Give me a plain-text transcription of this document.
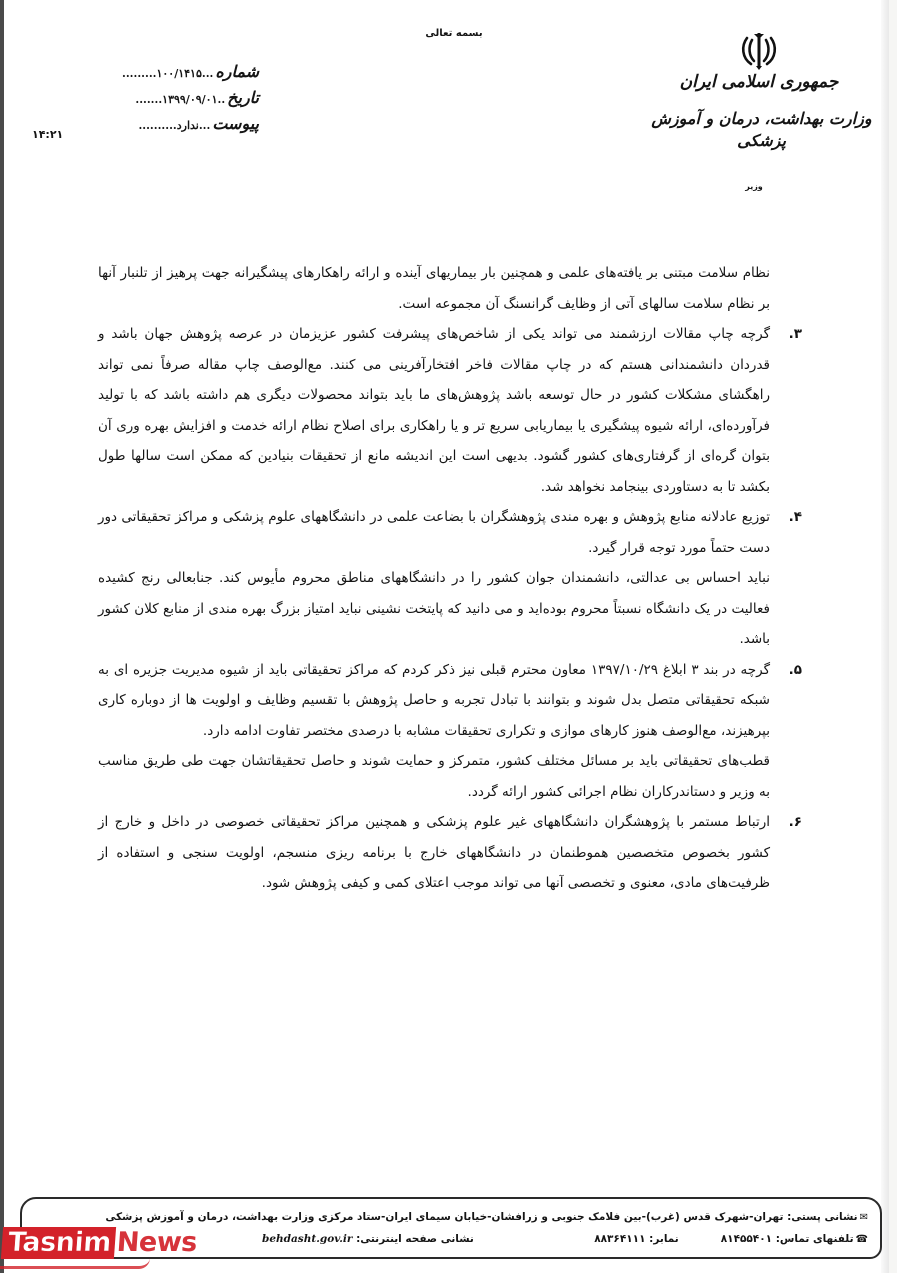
بسمه تعالی
جمهوری اسلامی ایران
وزارت بهداشت، درمان و آموزش پزشکی
وزیر
شماره
...۱۰۰/۱۴۱۵.........
تاریخ
..۱۳۹۹/۰۹/۰۱.......
پیوست
...ندارد..........
۱۴:۲۱

نظام سلامت مبتنی بر یافته‌های علمی و همچنین بار بیماریهای آینده و ارائه راهکارهای پیشگیرانه جهت پرهیز از تلنبار آنها بر نظام سلامت سالهای آتی از وظایف گرانسنگ آن مجموعه است.

۳.

گرچه چاپ مقالات ارزشمند می تواند یکی از شاخص‌های پیشرفت کشور عزیزمان در عرصه پژوهش جهان باشد و قدردان دانشمندانی هستم که در چاپ مقالات فاخر افتخارآفرینی می کنند. مع‌الوصف چاپ مقاله صرفاً نمی تواند راهگشای مشکلات کشور در حال توسعه باشد پژوهش‌های ما باید بتواند محصولات دیگری هم داشته باشد که با تولید فرآورده‌ای، ارائه شیوه پیشگیری یا بیماریابی سریع تر و یا راهکاری برای اصلاح نظام ارائه خدمت و افزایش بهره وری آن بتوان گره‌ای از گرفتاری‌های کشور گشود. بدیهی است این اندیشه مانع از تحقیقات بنیادین که ممکن است سالها طول بکشد تا به دستاوردی بینجامد نخواهد شد.

۴.

توزیع عادلانه منابع پژوهش و بهره مندی پژوهشگران با بضاعت علمی در دانشگاههای علوم پزشکی و مراکز تحقیقاتی دور دست حتماً مورد توجه قرار گیرد.

نباید احساس بی عدالتی، دانشمندان جوان کشور را در دانشگاههای مناطق محروم مأیوس کند. جنابعالی رنج کشیده فعالیت در یک دانشگاه نسبتاً محروم بوده‌اید و می دانید که پایتخت نشینی نباید امتیاز بزرگ بهره مندی از منابع کلان کشور باشد.

۵.

گرچه در بند ۳ ابلاغ ۱۳۹۷/۱۰/۲۹ معاون محترم قبلی نیز ذکر کردم که مراکز تحقیقاتی باید از شیوه مدیریت جزیره ای به شبکه تحقیقاتی متصل بدل شوند و بتوانند با تبادل تجربه و حاصل پژوهش با تقسیم وظایف و اولویت ها از دوباره کاری بپرهیزند، مع‌الوصف هنوز کارهای موازی و تکراری تحقیقات مشابه با درصدی مختصر تفاوت ادامه دارد.

قطب‌های تحقیقاتی باید بر مسائل مختلف کشور، متمرکز و حمایت شوند و حاصل تحقیقاتشان جهت طی طریق مناسب به وزیر و دستاندرکاران نظام اجرائی کشور ارائه گردد.

۶.

ارتباط مستمر با پژوهشگران دانشگاههای غیر علوم پزشکی و همچنین مراکز تحقیقاتی خصوصی در داخل و خارج از کشور بخصوص متخصصین هموطنمان در دانشگاههای خارج با برنامه ریزی منسجم، اولویت سنجی و استفاده از ظرفیت‌های مادی، معنوی و تخصصی آنها می تواند موجب اعتلای کمی و کیفی پژوهش شود.

✉نشانی پستی: تهران-شهرک قدس (غرب)-بین فلامک جنوبی و زرافشان-خیابان سیمای ایران-ستاد مرکزی وزارت بهداشت، درمان و آموزش پزشکی
☎تلفنهای تماس: ۸۱۴۵۵۴۰۱
نمابر: ۸۸۳۶۴۱۱۱
نشانی صفحه اینترنتی: behdasht.gov.ir
Tasnim News
